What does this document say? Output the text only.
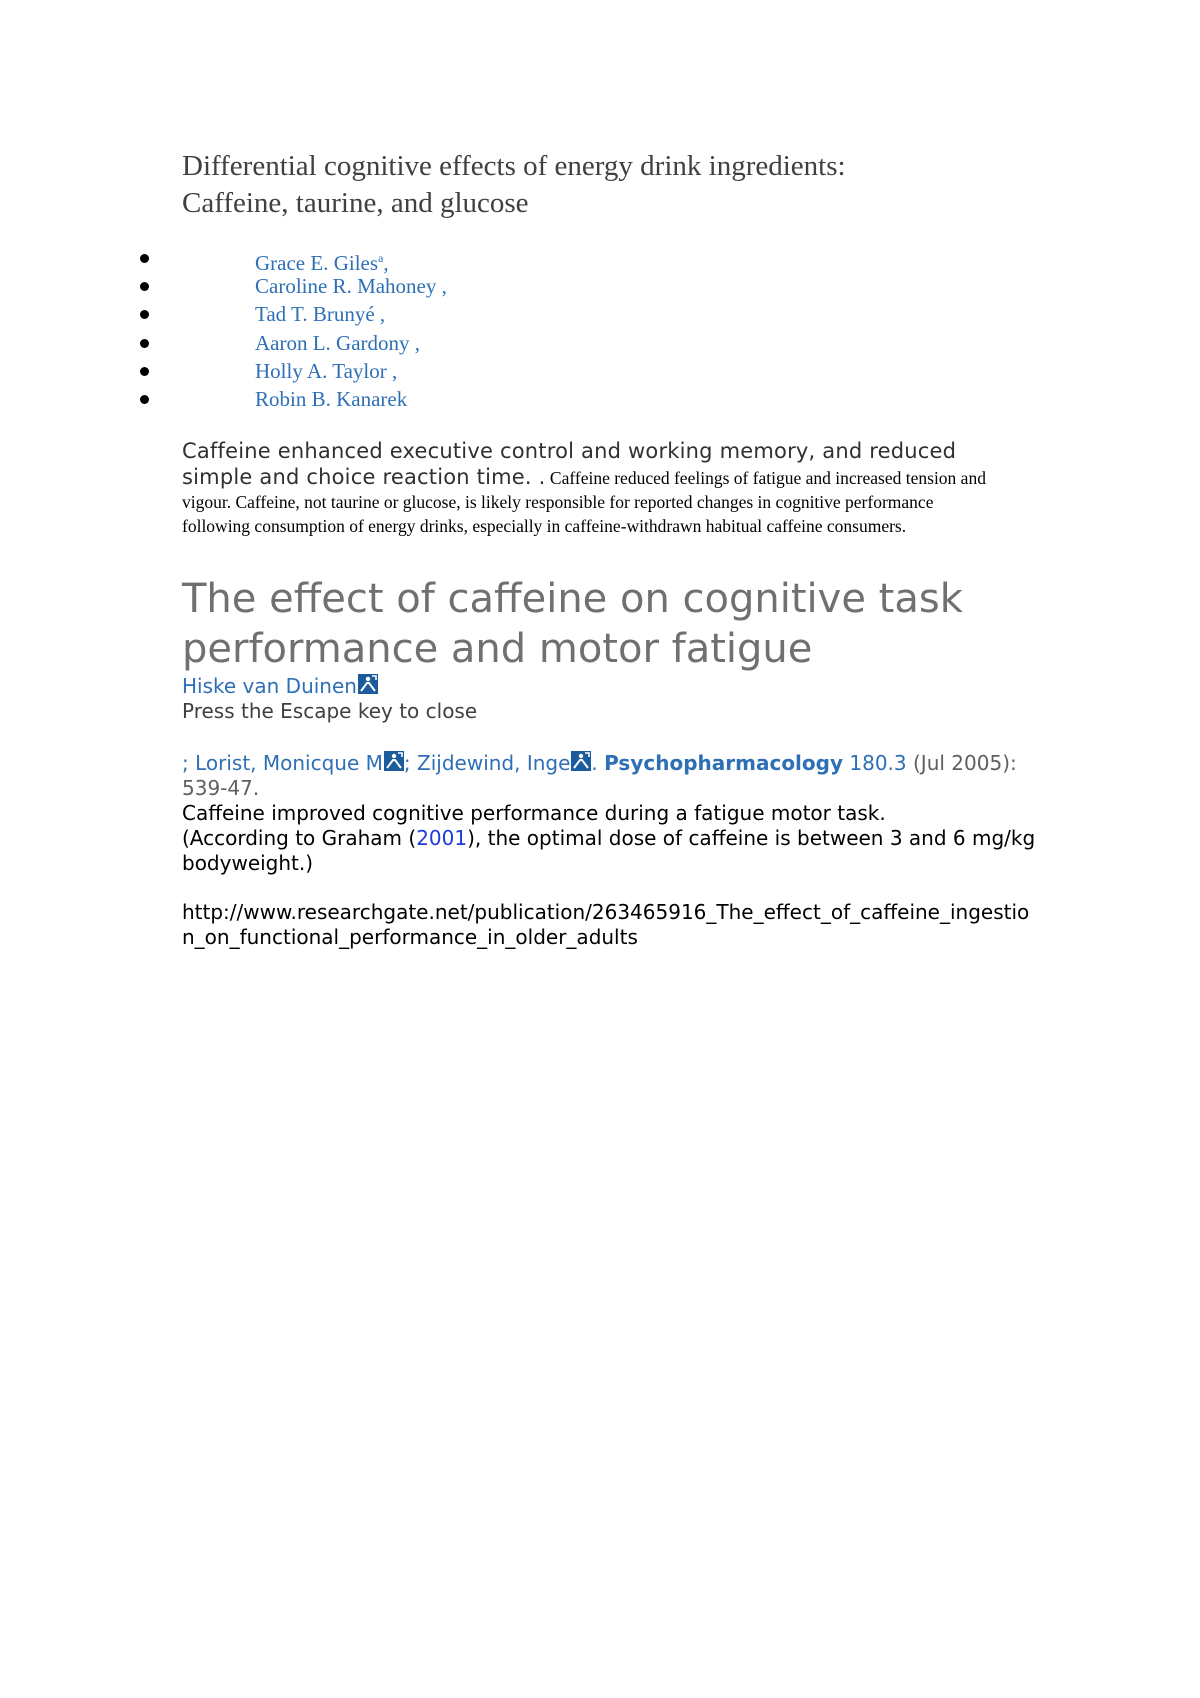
Differential cognitive effects of energy drink ingredients:
Caffeine, taurine, and glucose
Grace E. Giles$^a$,
Caroline R. Mahoney ,
Tad T. Brunyé ,
Aaron L. Gardony ,
Holly A. Taylor ,
Robin B. Kanarek
Caffeine enhanced executive control and working memory, and reduced simple and choice reaction time. . Caffeine reduced feelings of fatigue and increased tension and vigour. Caffeine, not taurine or glucose, is likely responsible for reported changes in cognitive performance following consumption of energy drinks, especially in caffeine-withdrawn habitual caffeine consumers.
The effect of caffeine on cognitive task performance and motor fatigue
Hiske van Duinen
Press the Escape key to close
; Lorist, Monicque M ; Zijdewind, Inge . Psychopharmacology 180.3 (Jul 2005): 539-47.
Caffeine improved cognitive performance during a fatigue motor task.
(According to Graham (2001), the optimal dose of caffeine is between 3 and 6 mg/kg bodyweight.)
http://www.researchgate.net/publication/263465916_The_effect_of_caffeine_ingestion_on_functional_performance_in_older_adults
